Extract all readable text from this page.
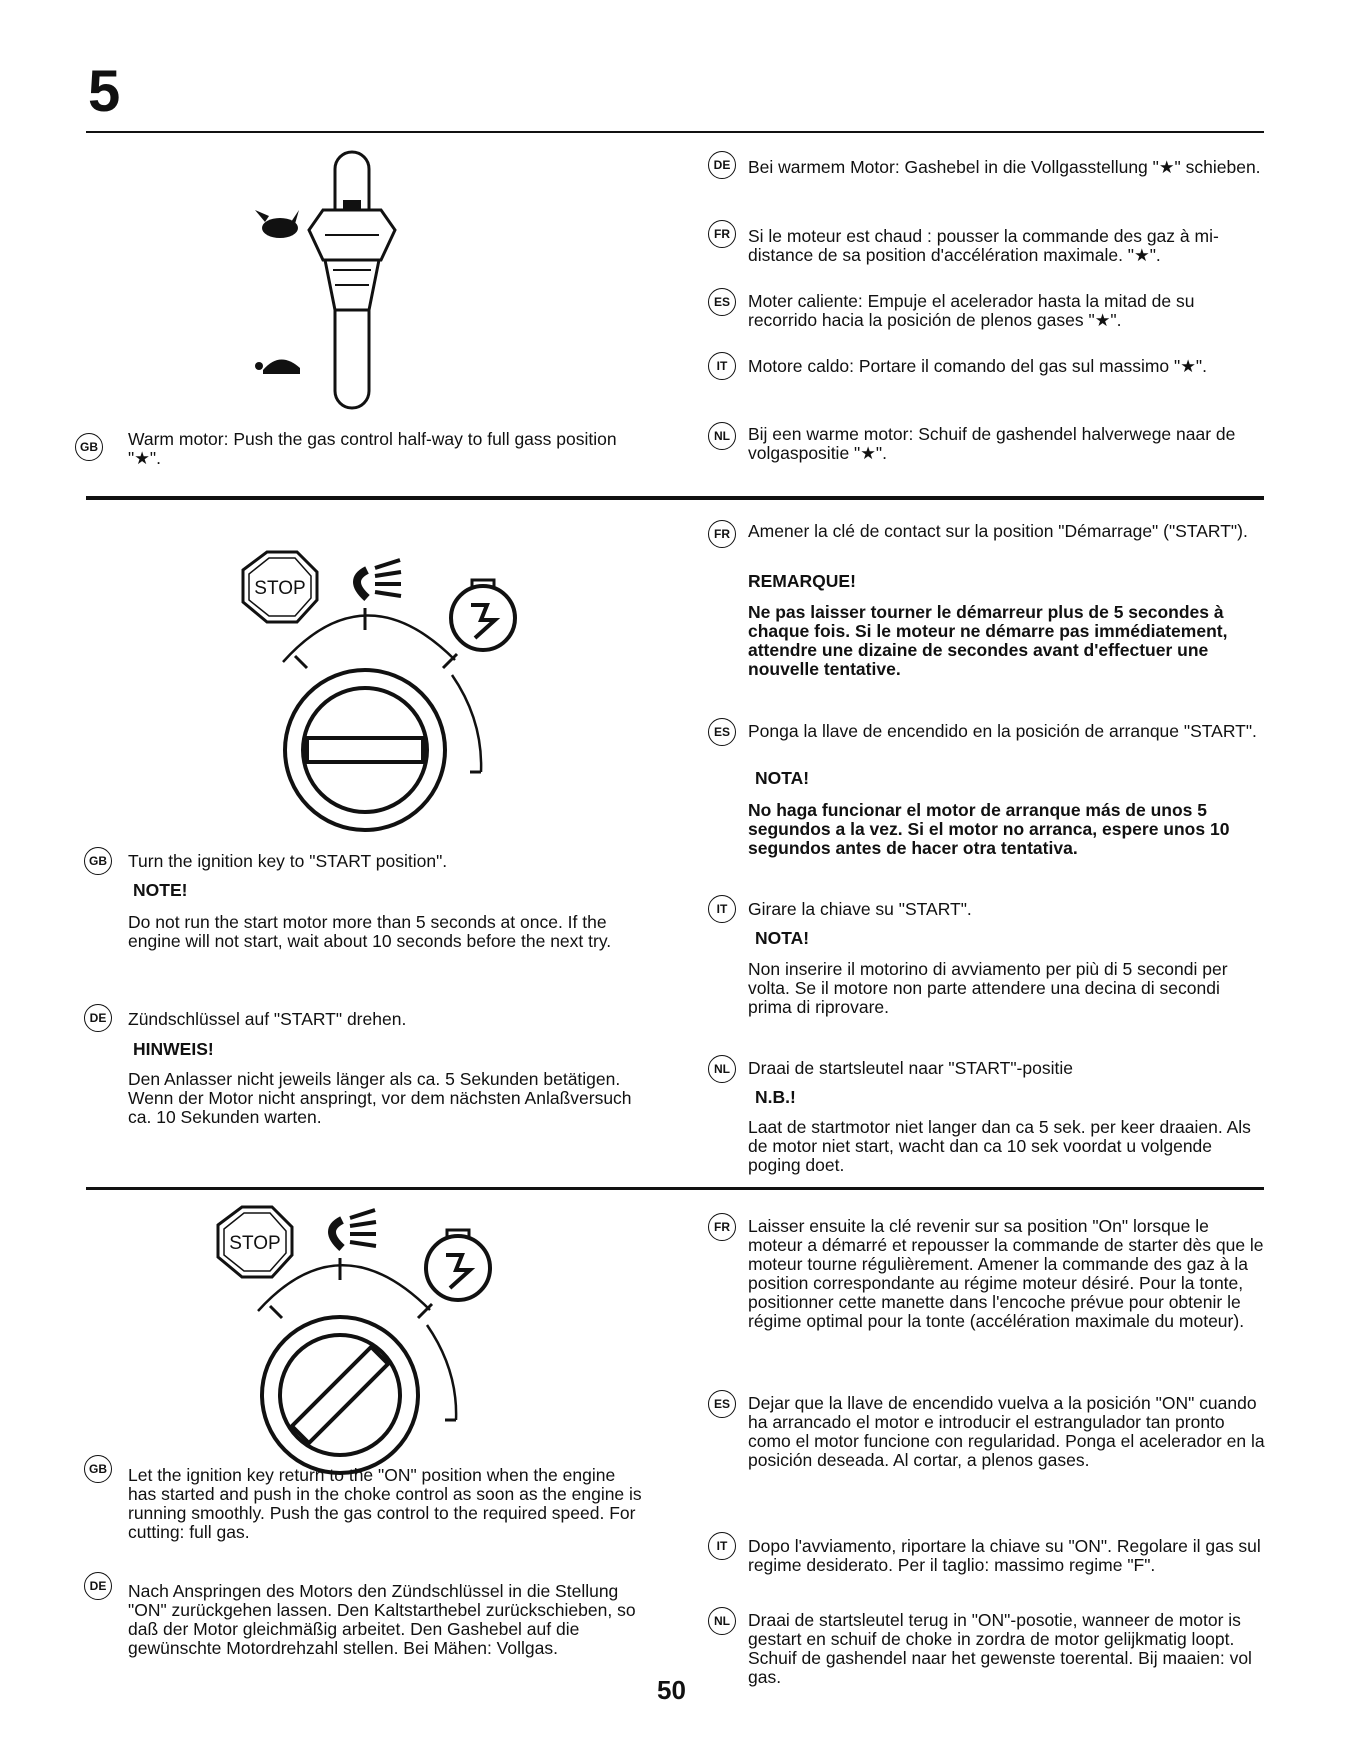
5
GB Warm motor: Push the gas control half-way to full gass position "★".
DE	Bei warmem Motor: Gashebel in die Vollgasstellung "★" schieben.
FR	Si le moteur est chaud : pousser la commande des gaz à mi-distance de sa position d'accélération maximale. "★".
ES	Moter caliente: Empuje el acelerador hasta la mitad de su recorrido hacia la posición de plenos gases "★".
IT	Motore caldo: Portare il comando del gas sul massimo "★".
NL	Bij een warme motor: Schuif de gashendel halverwege naar de volgaspositie "★".
STOP
GB Turn the ignition key to "START position".
NOTE!
Do not run the start motor more than 5 seconds at once. If the engine will not start, wait about 10 seconds before the next try.
DE	Zündschlüssel auf "START" drehen.
HINWEIS!
Den Anlasser nicht jeweils länger als ca. 5 Sekunden betätigen. Wenn der Motor nicht anspringt, vor dem nächsten Anlaßversuch ca. 10 Sekunden warten.
FR	Amener la clé de contact sur la position "Démarrage" ("START").
REMARQUE!
Ne pas laisser tourner le démarreur plus de 5 secondes à chaque fois. Si le moteur ne démarre pas immédiatement, attendre une dizaine de secondes avant d'effectuer une nouvelle tentative.
ES	Ponga la llave de encendido en la posición de arranque "START".
NOTA!
No haga funcionar el motor de arranque más de unos 5 segundos a la vez. Si el motor no arranca, espere unos 10 segundos antes de hacer otra tentativa.
IT	Girare la chiave su "START".
NOTA!
Non inserire il motorino di avviamento per più di 5 secondi per volta. Se il motore non parte attendere una decina di secondi prima di riprovare.
NL	Draai de startsleutel naar "START"-positie
N.B.!
Laat de startmotor niet langer dan ca 5 sek. per keer draaien. Als de motor niet start, wacht dan ca 10 sek voordat u volgende poging doet.
STOP
GB Let the ignition key return to the "ON" position when the engine has started and push in the choke control as soon as the engine is running smoothly. Push the gas control to the required speed. For cutting: full gas.
DE	Nach Anspringen des Motors den Zündschlüssel in die Stellung "ON" zurückgehen lassen. Den Kaltstarthebel zurückschieben, so daß der Motor gleichmäßig arbeitet. Den Gashebel auf die gewünschte Motordrehzahl stellen. Bei Mähen: Vollgas.
FR	Laisser ensuite la clé revenir sur sa position "On" lorsque le moteur a démarré et repousser la commande de starter dès que le moteur tourne régulièrement. Amener la commande des gaz à la position correspondante au régime moteur désiré. Pour la tonte, positionner cette manette dans l'encoche prévue pour obtenir le régime optimal pour la tonte (accélération maximale du moteur).
ES	Dejar que la llave de encendido vuelva a la posición "ON" cuando ha arrancado el motor e introducir el estrangulador tan pronto como el motor funcione con regularidad. Ponga el acelerador en la posición deseada. Al cortar, a plenos gases.
IT	Dopo l'avviamento, riportare la chiave su "ON". Regolare il gas sul regime desiderato. Per il taglio: massimo regime "F".
NL	Draai de startsleutel terug in "ON"-posotie, wanneer de motor is gestart en schuif de choke in zordra de motor gelijkmatig loopt. Schuif de gashendel naar het gewenste toerental. Bij maaien: vol gas.
50
